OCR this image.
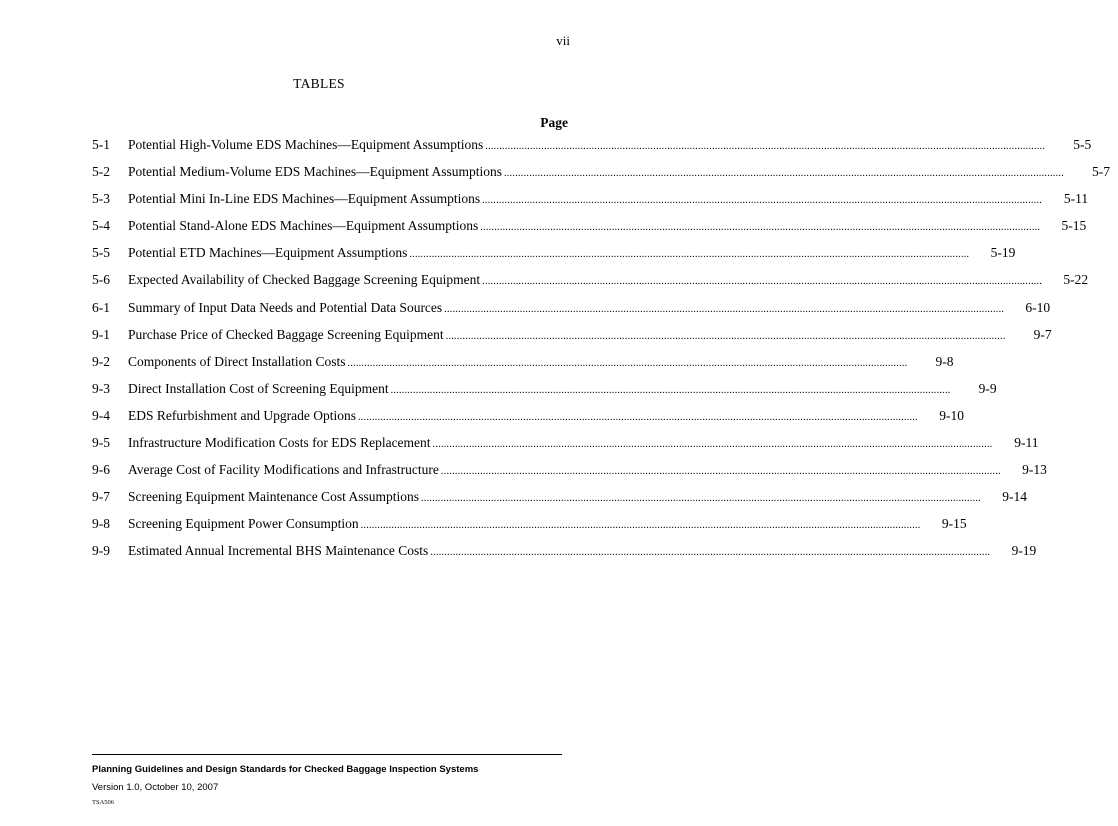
vii
TABLES
Page
5-1	Potential High-Volume EDS Machines—Equipment Assumptions ........................................................................................................................................................................................................	5-5
5-2	Potential Medium-Volume EDS Machines—Equipment Assumptions ........................................................................................................................................................................................................	5-7
5-3	Potential Mini In-Line EDS Machines—Equipment Assumptions ........................................................................................................................................................................................................	5-11
5-4	Potential Stand-Alone EDS Machines—Equipment Assumptions ........................................................................................................................................................................................................	5-15
5-5	Potential ETD Machines—Equipment Assumptions ........................................................................................................................................................................................................	5-19
5-6	Expected Availability of Checked Baggage Screening Equipment ........................................................................................................................................................................................................	5-22
6-1	Summary of Input Data Needs and Potential Data Sources ........................................................................................................................................................................................................	6-10
9-1	Purchase Price of Checked Baggage Screening Equipment ........................................................................................................................................................................................................	9-7
9-2	Components of Direct Installation Costs ........................................................................................................................................................................................................	9-8
9-3	Direct Installation Cost of Screening Equipment ........................................................................................................................................................................................................	9-9
9-4	EDS Refurbishment and Upgrade Options ........................................................................................................................................................................................................	9-10
9-5	Infrastructure Modification Costs for EDS Replacement ........................................................................................................................................................................................................	9-11
9-6	Average Cost of Facility Modifications and Infrastructure ........................................................................................................................................................................................................	9-13
9-7	Screening Equipment Maintenance Cost Assumptions ........................................................................................................................................................................................................	9-14
9-8	Screening Equipment Power Consumption ........................................................................................................................................................................................................	9-15
9-9	Estimated Annual Incremental BHS Maintenance Costs ........................................................................................................................................................................................................	9-19
Planning Guidelines and Design Standards for Checked Baggage Inspection Systems
Version 1.0, October 10, 2007
TSA506
